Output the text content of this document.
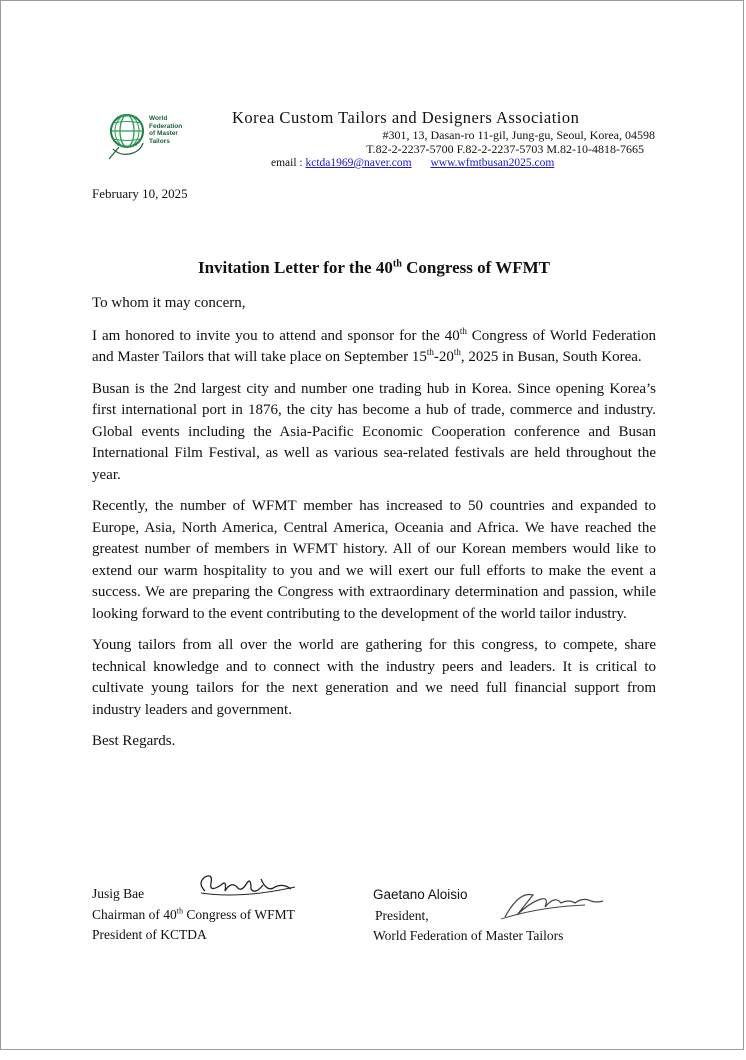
World
Federation
of Master
Tailors
Korea Custom Tailors and Designers Association
#301, 13, Dasan-ro 11-gil, Jung-gu, Seoul, Korea, 04598
T.82-2-2237-5700 F.82-2-2237-5703 M.82-10-4818-7665
email : kctda1969@naver.com www.wfmtbusan2025.com
February 10, 2025
Invitation Letter for the 40th Congress of WFMT

To whom it may concern,

I am honored to invite you to attend and sponsor for the 40th Congress of World Federation and Master Tailors that will take place on September 15th-20th, 2025 in Busan, South Korea.

Busan is the 2nd largest city and number one trading hub in Korea. Since opening Korea’s first international port in 1876, the city has become a hub of trade, commerce and industry. Global events including the Asia-Pacific Economic Cooperation conference and Busan International Film Festival, as well as various sea-related festivals are held throughout the year.

Recently, the number of WFMT member has increased to 50 countries and expanded to Europe, Asia, North America, Central America, Oceania and Africa. We have reached the greatest number of members in WFMT history. All of our Korean members would like to extend our warm hospitality to you and we will exert our full efforts to make the event a success. We are preparing the Congress with extraordinary determination and passion, while looking forward to the event contributing to the development of the world tailor industry.

Young tailors from all over the world are gathering for this congress, to compete, share technical knowledge and to connect with the industry peers and leaders. It is critical to cultivate young tailors for the next generation and we need full financial support from industry leaders and government.

Best Regards.

Jusig Bae
Chairman of 40th Congress of WFMT
President of KCTDA
Gaetano Aloisio
President,
World Federation of Master Tailors
